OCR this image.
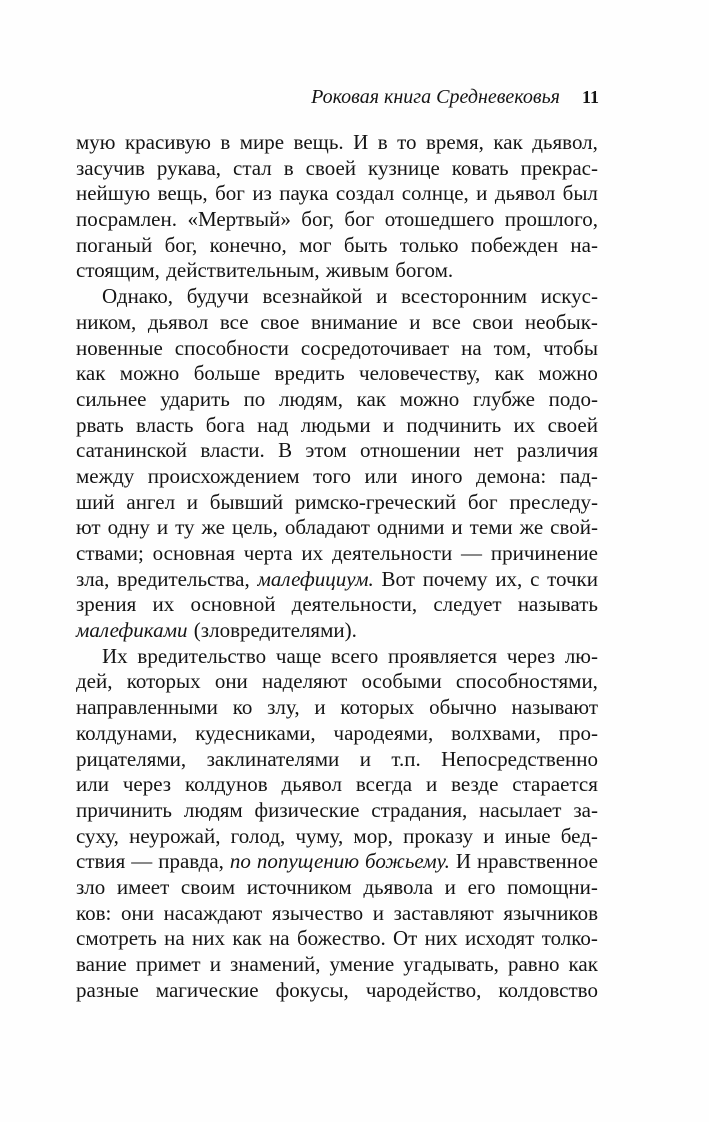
Роковая книга Средневековья 11
мую красивую в мире вещь. И в то время, как дьявол,
засучив рукава, стал в своей кузнице ковать прекрас-
нейшую вещь, бог из паука создал солнце, и дьявол был
посрамлен. «Мертвый» бог, бог отошедшего прошлого,
поганый бог, конечно, мог быть только побежден на-
стоящим, действительным, живым богом.
Однако, будучи всезнайкой и всесторонним искус-
ником, дьявол все свое внимание и все свои необык-
новенные способности сосредоточивает на том, чтобы
как можно больше вредить человечеству, как можно
сильнее ударить по людям, как можно глубже подо-
рвать власть бога над людьми и подчинить их своей
сатанинской власти. В этом отношении нет различия
между происхождением того или иного демона: пад-
ший ангел и бывший римско-греческий бог преследу-
ют одну и ту же цель, обладают одними и теми же свой-
ствами; основная черта их деятельности — причинение
зла, вредительства, малефициум. Вот почему их, с точки
зрения их основной деятельности, следует называть
малефиками (зловредителями).
Их вредительство чаще всего проявляется через лю-
дей, которых они наделяют особыми способностями,
направленными ко злу, и которых обычно называют
колдунами, кудесниками, чародеями, волхвами, про-
рицателями, заклинателями и т.п. Непосредственно
или через колдунов дьявол всегда и везде старается
причинить людям физические страдания, насылает за-
суху, неурожай, голод, чуму, мор, проказу и иные бед-
ствия — правда, по попущению божьему. И нравственное
зло имеет своим источником дьявола и его помощни-
ков: они насаждают язычество и заставляют язычников
смотреть на них как на божество. От них исходят толко-
вание примет и знамений, умение угадывать, равно как
разные магические фокусы, чародейство, колдовство
